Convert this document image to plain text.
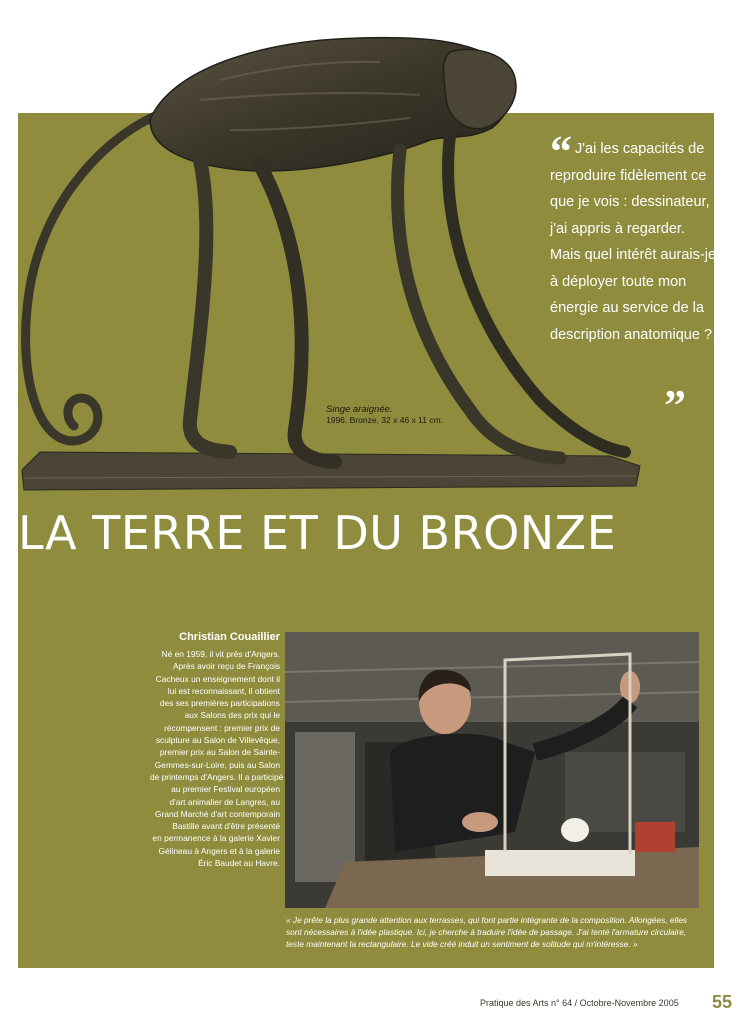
Singe araignée.
1996. Bronze, 32 x 46 x 11 cm.
“ J'ai les capacités de
reproduire fidèlement ce
que je vois : dessinateur,
j'ai appris à regarder.
Mais quel intérêt aurais-je
à déployer toute mon
énergie au service de la
description anatomique ?
”
LA TERRE ET DU BRONZE
Christian Couaillier
Né en 1959, il vit près d'Angers.
Après avoir reçu de François
Cacheux un enseignement dont il
lui est reconnaissant, il obtient
des ses premières participations
aux Salons des prix qui le
récompensent : premier prix de
sculpture au Salon de Villevêque,
premier prix au Salon de Sainte-
Gemmes-sur-Loire, puis au Salon
de printemps d'Angers. Il a participé
au premier Festival européen
d'art animalier de Langres, au
Grand Marché d'art contemporain
Bastille avant d'être présenté
en permanence à la galerie Xavier
Gélineau à Angers et à la galerie
Éric Baudet au Havre.
« Je prête la plus grande attention aux terrasses, qui font partie intégrante de la composition. Allongées, elles
sont nécessaires à l'idée plastique. Ici, je cherche à traduire l'idée de passage. J'ai tenté l'armature circulaire,
teste maintenant la rectangulaire. Le vide créé induit un sentiment de solitude qui m'intéresse. »
Pratique des Arts n° 64 / Octobre-Novembre 2005 55
